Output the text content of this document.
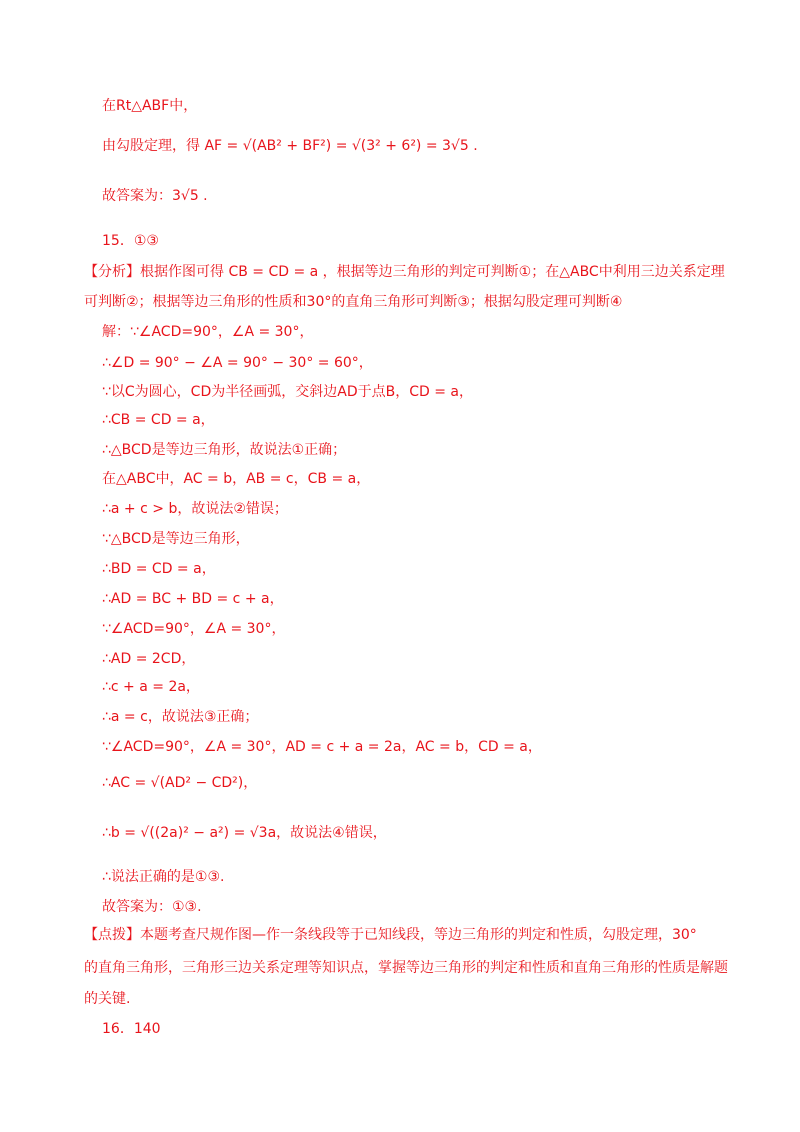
在Rt△ABF中，
由勾股定理，得 AF = √(AB² + BF²) = √(3² + 6²) = 3√5 .
故答案为：3√5 .
15．①③
【分析】根据作图可得 CB = CD = a ，根据等边三角形的判定可判断①；在△ABC中利用三边关系定理
可判断②；根据等边三角形的性质和30°的直角三角形可判断③；根据勾股定理可判断④
解：∵∠ACD=90°，∠A = 30°，
∴∠D = 90° − ∠A = 90° − 30° = 60°，
∵以C为圆心，CD为半径画弧，交斜边AD于点B，CD = a，
∴CB = CD = a，
∴△BCD是等边三角形，故说法①正确；
在△ABC中，AC = b，AB = c，CB = a，
∴a + c > b，故说法②错误；
∵△BCD是等边三角形，
∴BD = CD = a，
∴AD = BC + BD = c + a，
∵∠ACD=90°，∠A = 30°，
∴AD = 2CD，
∴c + a = 2a，
∴a = c，故说法③正确；
∵∠ACD=90°，∠A = 30°，AD = c + a = 2a，AC = b，CD = a，
∴AC = √(AD² − CD²)，
∴b = √((2a)² − a²) = √3a，故说法④错误，
∴说法正确的是①③.
故答案为：①③.
【点拨】本题考查尺规作图—作一条线段等于已知线段，等边三角形的判定和性质，勾股定理，30°
的直角三角形，三角形三边关系定理等知识点，掌握等边三角形的判定和性质和直角三角形的性质是解题
的关键.
16．140
